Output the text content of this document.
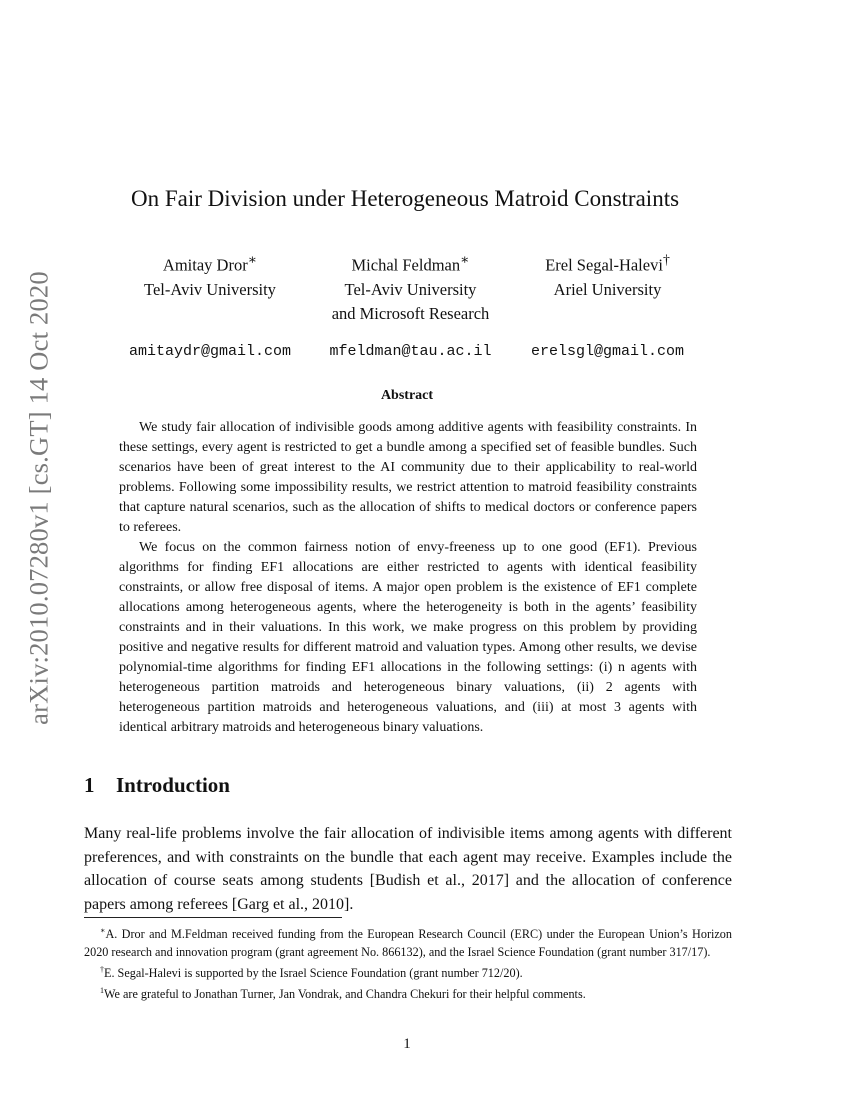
arXiv:2010.07280v1 [cs.GT] 14 Oct 2020
On Fair Division under Heterogeneous Matroid Constraints
Amitay Dror∗
Tel-Aviv University
amitaydr@gmail.com
Michal Feldman∗
Tel-Aviv University
and Microsoft Research
mfeldman@tau.ac.il
Erel Segal-Halevi†
Ariel University
erelsgl@gmail.com
Abstract

We study fair allocation of indivisible goods among additive agents with feasibility constraints. In these settings, every agent is restricted to get a bundle among a specified set of feasible bundles. Such scenarios have been of great interest to the AI community due to their applicability to real-world problems. Following some impossibility results, we restrict attention to matroid feasibility constraints that capture natural scenarios, such as the allocation of shifts to medical doctors or conference papers to referees.

We focus on the common fairness notion of envy-freeness up to one good (EF1). Previous algorithms for finding EF1 allocations are either restricted to agents with identical feasibility constraints, or allow free disposal of items. A major open problem is the existence of EF1 complete allocations among heterogeneous agents, where the heterogeneity is both in the agents’ feasibility constraints and in their valuations. In this work, we make progress on this problem by providing positive and negative results for different matroid and valuation types. Among other results, we devise polynomial-time algorithms for finding EF1 allocations in the following settings: (i) n agents with heterogeneous partition matroids and heterogeneous binary valuations, (ii) 2 agents with heterogeneous partition matroids and heterogeneous valuations, and (iii) at most 3 agents with identical arbitrary matroids and heterogeneous binary valuations.

1 Introduction

Many real-life problems involve the fair allocation of indivisible items among agents with different preferences, and with constraints on the bundle that each agent may receive. Examples include the allocation of course seats among students [Budish et al., 2017] and the allocation of conference papers among referees [Garg et al., 2010].

∗A. Dror and M.Feldman received funding from the European Research Council (ERC) under the European Union’s Horizon 2020 research and innovation program (grant agreement No. 866132), and the Israel Science Foundation (grant number 317/17).

†E. Segal-Halevi is supported by the Israel Science Foundation (grant number 712/20).

$^1$We are grateful to Jonathan Turner, Jan Vondrak, and Chandra Chekuri for their helpful comments.

1
